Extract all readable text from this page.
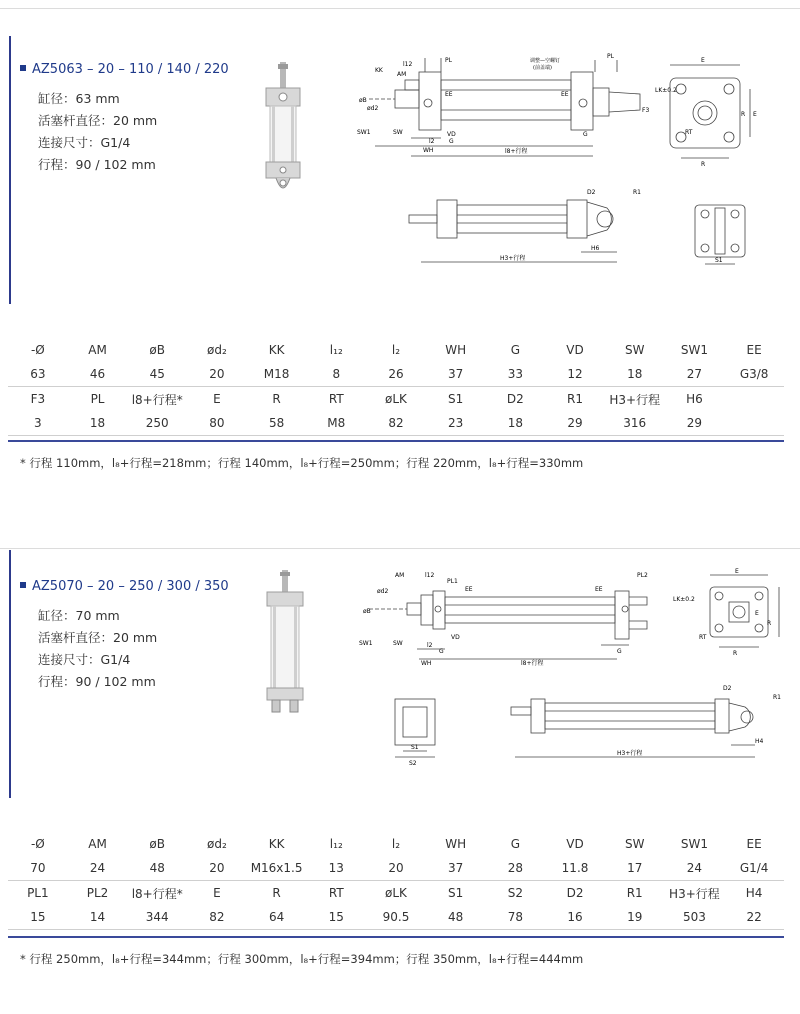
AZ5063 – 20 – 110 / 140 / 220
缸径：63 mm
活塞杆直径：20 mm
连接尺寸：G1/4
行程：90 / 102 mm
KK
AM
l12
PL	调整—空螺钉
(前盖端)
PL
E
øB
ød2
EE	EE
F3
LK±0.2
R E
SW1	SW	VD
l2 G
WH	l8+行程
G	RT
R
D2	R1
H3+行程
H6
S1
-Ø	AM	øB	ød₂	KK	l₁₂	l₂	WH	G	VD	SW	SW1	EE
63	46	45	20	M18	8	26	37	33	12	18	27	G3/8
F3	PL	l8+行程*	E	R	RT	øLK	S1	D2	R1	H3+行程	H6	
3	18	250	80	58	M8	82	23	18	29	316	29	
* 行程 110mm，l₈+行程=218mm；行程 140mm，l₈+行程=250mm；行程 220mm，l₈+行程=330mm
AZ5070 – 20 – 250 / 300 / 350
缸径：70 mm
活塞杆直径：20 mm
连接尺寸：G1/4
行程：90 / 102 mm
AM	l12
PL1
EE	EE
PL2
E
ød2
øB
LK±0.2
E
R
SW1	SW
VD
l2
G
WH	l8+行程
G
RT
R
D2
R1
H3+行程
H4
S1
S2
-Ø	AM	øB	ød₂	KK	l₁₂	l₂	WH	G	VD	SW	SW1	EE
70	24	48	20	M16x1.5	13	20	37	28	11.8	17	24	G1/4
PL1	PL2	l8+行程*	E	R	RT	øLK	S1	S2	D2	R1	H3+行程	H4
15	14	344	82	64	15	90.5	48	78	16	19	503	22
* 行程 250mm，l₈+行程=344mm；行程 300mm，l₈+行程=394mm；行程 350mm，l₈+行程=444mm
